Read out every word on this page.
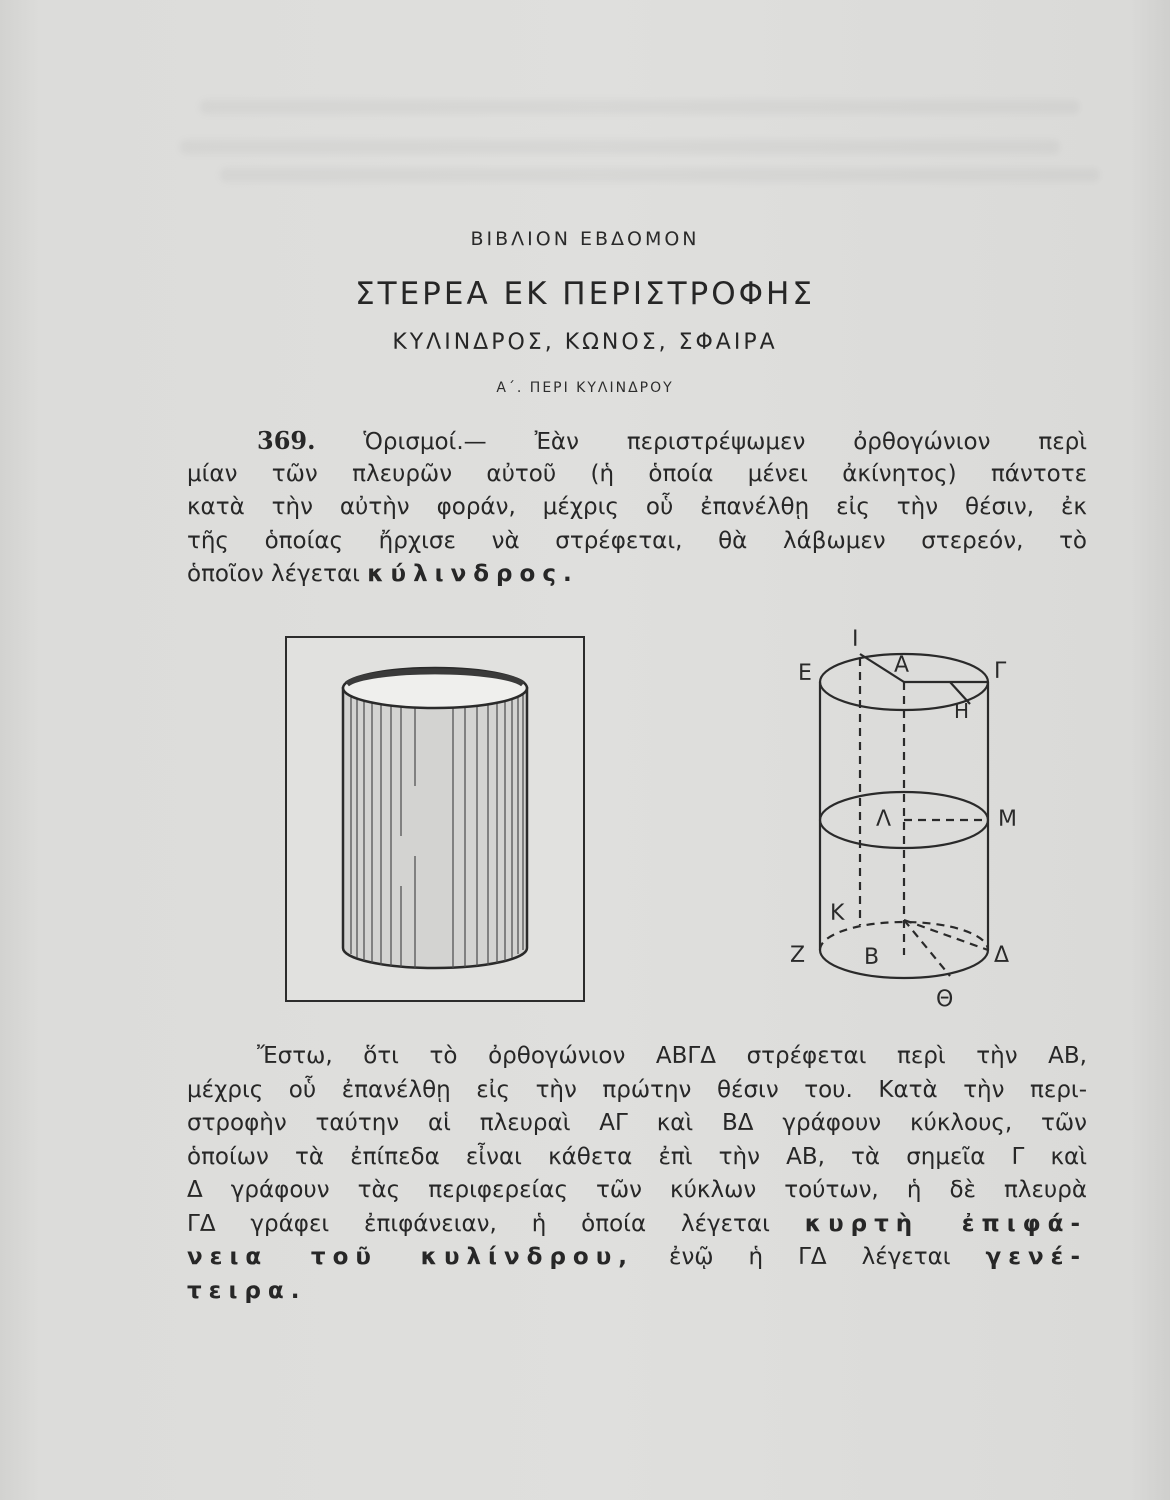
ΒΙΒΛΙΟΝ ΕΒΔΟΜΟΝ
ΣΤΕΡΕΑ ΕΚ ΠΕΡΙΣΤΡΟΦΗΣ
ΚΥΛΙΝΔΡΟΣ, ΚΩΝΟΣ, ΣΦΑΙΡΑ
Α΄. ΠΕΡΙ ΚΥΛΙΝΔΡΟΥ
369. Ὁρισμοί.— Ἐὰν περιστρέψωμεν ὀρθογώνιον περὶ
μίαν τῶν πλευρῶν αὐτοῦ (ἡ ὁποία μένει ἀκίνητος) πάντοτε
κατὰ τὴν αὐτὴν φοράν, μέχρις οὗ ἐπανέλθῃ εἰς τὴν θέσιν, ἐκ
τῆς ὁποίας ἤρχισε νὰ στρέφεται, θὰ λάβωμεν στερεόν, τὸ
ὁποῖον λέγεται κύλινδρος.
Ι
Α	Γ
Ε
Η
Λ	Μ
Κ
Ζ	Β	Δ
Θ
Ἔστω, ὅτι τὸ ὀρθογώνιον ΑΒΓΔ στρέφεται περὶ τὴν ΑΒ,
μέχρις οὗ ἐπανέλθῃ εἰς τὴν πρώτην θέσιν του. Κατὰ τὴν περι-
στροφὴν ταύτην αἱ πλευραὶ ΑΓ καὶ ΒΔ γράφουν κύκλους, τῶν
ὁποίων τὰ ἐπίπεδα εἶναι κάθετα ἐπὶ τὴν ΑΒ, τὰ σημεῖα Γ καὶ
Δ γράφουν τὰς περιφερείας τῶν κύκλων τούτων, ἡ δὲ πλευρὰ
ΓΔ γράφει ἐπιφάνειαν, ἡ ὁποία λέγεται κυρτὴ ἐπιφά-
νεια τοῦ κυλίνδρου, ἐνῷ ἡ ΓΔ λέγεται γενέ-
τειρα.
